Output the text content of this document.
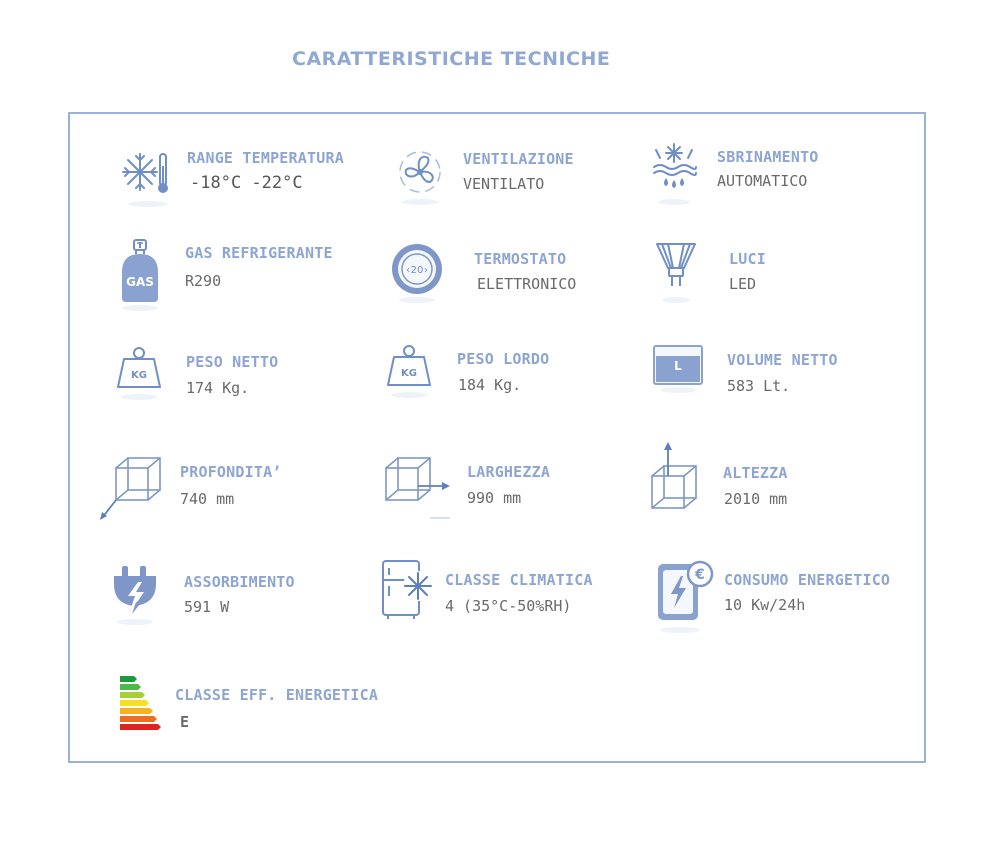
CARATTERISTICHE TECNICHE
RANGE TEMPERATURA
-18°C -22°C
VENTILAZIONE
VENTILATO
SBRINAMENTO
AUTOMATICO
GAS
GAS REFRIGERANTE
R290
‹ ›
20
TERMOSTATO
ELETTRONICO
LUCI
LED
KG
PESO NETTO
174 Kg.
KG
PESO LORDO
184 Kg.
L	VOLUME NETTO
583 Lt.
PROFONDITA’
740 mm
LARGHEZZA
990 mm
ALTEZZA
2010 mm
ASSORBIMENTO
591 W
CLASSE CLIMATICA
4 (35°C-50%RH)
€ CONSUMO ENERGETICO
10 Kw/24h
CLASSE EFF. ENERGETICA
E
